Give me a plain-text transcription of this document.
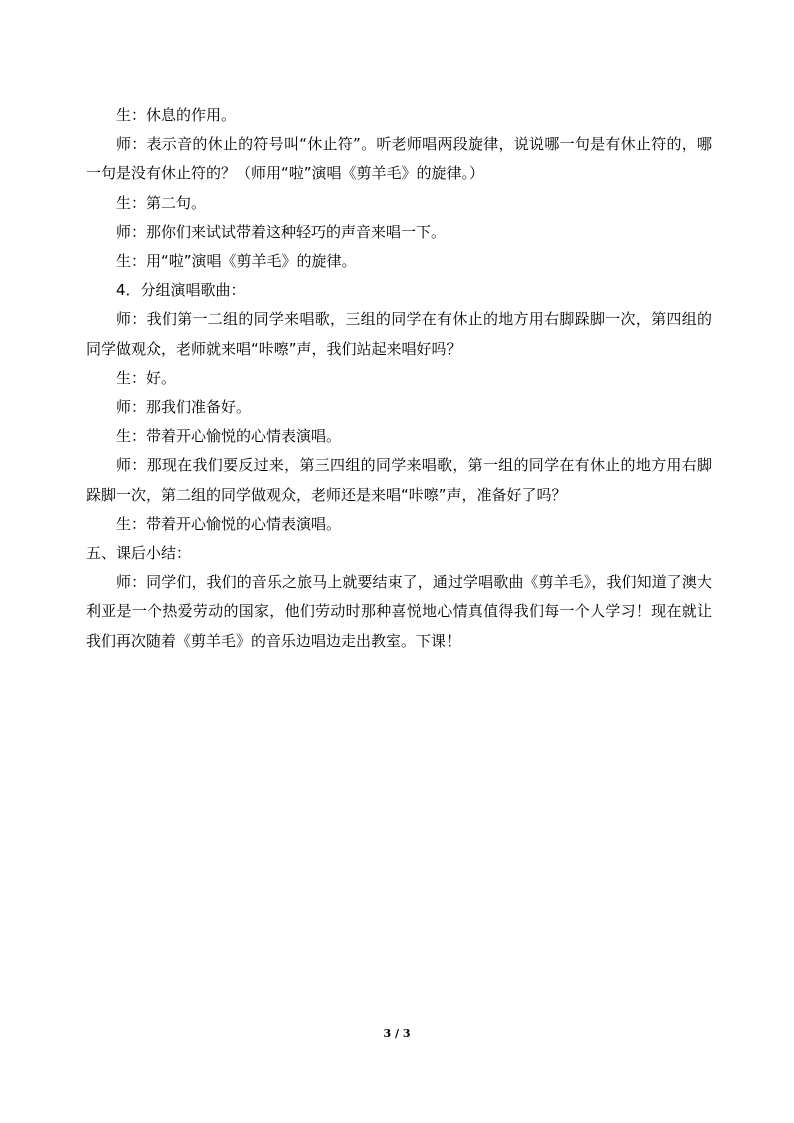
生：休息的作用。

师：表示音的休止的符号叫“休止符”。听老师唱两段旋律，说说哪一句是有休止符的，哪一句是没有休止符的？（师用“啦”演唱《剪羊毛》的旋律。）

生：第二句。

师：那你们来试试带着这种轻巧的声音来唱一下。

生：用“啦”演唱《剪羊毛》的旋律。

4．分组演唱歌曲：

师：我们第一二组的同学来唱歌，三组的同学在有休止的地方用右脚跺脚一次，第四组的同学做观众，老师就来唱“咔嚓”声，我们站起来唱好吗？

生：好。

师：那我们准备好。

生：带着开心愉悦的心情表演唱。

师：那现在我们要反过来，第三四组的同学来唱歌，第一组的同学在有休止的地方用右脚跺脚一次，第二组的同学做观众，老师还是来唱“咔嚓”声，准备好了吗？

生：带着开心愉悦的心情表演唱。

五、课后小结：

师：同学们，我们的音乐之旅马上就要结束了，通过学唱歌曲《剪羊毛》，我们知道了澳大利亚是一个热爱劳动的国家，他们劳动时那种喜悦地心情真值得我们每一个人学习！现在就让我们再次随着《剪羊毛》的音乐边唱边走出教室。下课！

3 / 3
